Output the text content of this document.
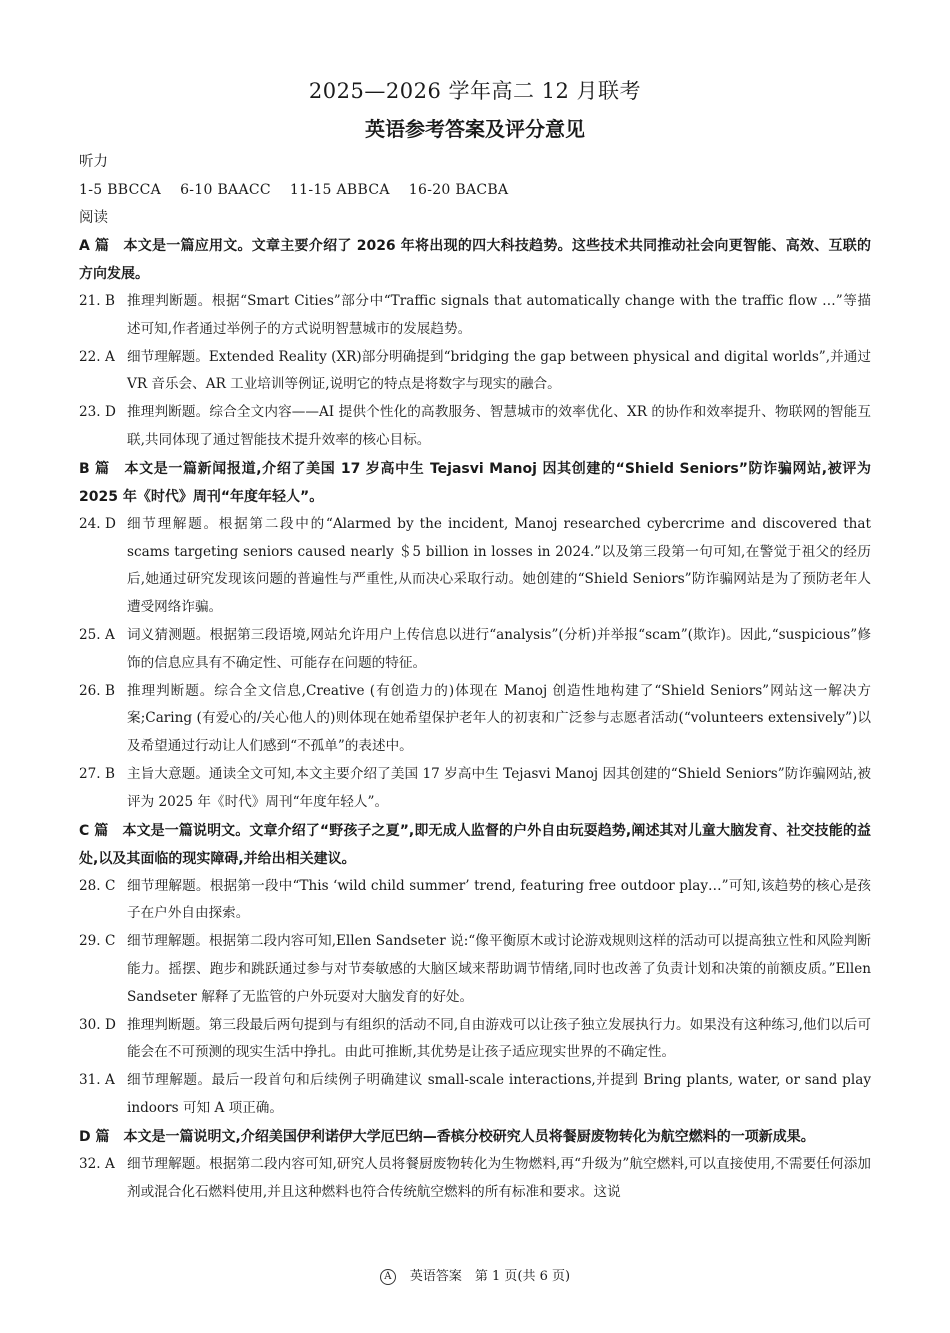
2025—2026 学年高二 12 月联考
英语参考答案及评分意见
听力
1-5 BBCCA    6-10 BAACC    11-15 ABBCA    16-20 BACBA
阅读
A 篇　本文是一篇应用文。文章主要介绍了 2026 年将出现的四大科技趋势。这些技术共同推动社会向更智能、高效、互联的方向发展。
21. B 推理判断题。根据“Smart Cities”部分中“Traffic signals that automatically change with the traffic flow …”等描述可知,作者通过举例子的方式说明智慧城市的发展趋势。
22. A 细节理解题。Extended Reality (XR)部分明确提到“bridging the gap between physical and digital worlds”,并通过 VR 音乐会、AR 工业培训等例证,说明它的特点是将数字与现实的融合。
23. D 推理判断题。综合全文内容——AI 提供个性化的高教服务、智慧城市的效率优化、XR 的协作和效率提升、物联网的智能互联,共同体现了通过智能技术提升效率的核心目标。
B 篇　本文是一篇新闻报道,介绍了美国 17 岁高中生 Tejasvi Manoj 因其创建的“Shield Seniors”防诈骗网站,被评为 2025 年《时代》周刊“年度年轻人”。
24. D 细节理解题。根据第二段中的“Alarmed by the incident, Manoj researched cybercrime and discovered that scams targeting seniors caused nearly ＄5 billion in losses in 2024.”以及第三段第一句可知,在警觉于祖父的经历后,她通过研究发现该问题的普遍性与严重性,从而决心采取行动。她创建的“Shield Seniors”防诈骗网站是为了预防老年人遭受网络诈骗。
25. A 词义猜测题。根据第三段语境,网站允许用户上传信息以进行“analysis”(分析)并举报“scam”(欺诈)。因此,“suspicious”修饰的信息应具有不确定性、可能存在问题的特征。
26. B 推理判断题。综合全文信息,Creative (有创造力的)体现在 Manoj 创造性地构建了“Shield Seniors”网站这一解决方案;Caring (有爱心的/关心他人的)则体现在她希望保护老年人的初衷和广泛参与志愿者活动(“volunteers extensively”)以及希望通过行动让人们感到“不孤单”的表述中。
27. B 主旨大意题。通读全文可知,本文主要介绍了美国 17 岁高中生 Tejasvi Manoj 因其创建的“Shield Seniors”防诈骗网站,被评为 2025 年《时代》周刊“年度年轻人”。
C 篇　本文是一篇说明文。文章介绍了“野孩子之夏”,即无成人监督的户外自由玩耍趋势,阐述其对儿童大脑发育、社交技能的益处,以及其面临的现实障碍,并给出相关建议。
28. C 细节理解题。根据第一段中“This ‘wild child summer’ trend, featuring free outdoor play…”可知,该趋势的核心是孩子在户外自由探索。
29. C 细节理解题。根据第二段内容可知,Ellen Sandseter 说:“像平衡原木或讨论游戏规则这样的活动可以提高独立性和风险判断能力。摇摆、跑步和跳跃通过参与对节奏敏感的大脑区域来帮助调节情绪,同时也改善了负责计划和决策的前额皮质。”Ellen Sandseter 解释了无监管的户外玩耍对大脑发育的好处。
30. D 推理判断题。第三段最后两句提到与有组织的活动不同,自由游戏可以让孩子独立发展执行力。如果没有这种练习,他们以后可能会在不可预测的现实生活中挣扎。由此可推断,其优势是让孩子适应现实世界的不确定性。
31. A 细节理解题。最后一段首句和后续例子明确建议 small-scale interactions,并提到 Bring plants, water, or sand play indoors 可知 A 项正确。
D 篇　本文是一篇说明文,介绍美国伊利诺伊大学厄巴纳—香槟分校研究人员将餐厨废物转化为航空燃料的一项新成果。
32. A 细节理解题。根据第二段内容可知,研究人员将餐厨废物转化为生物燃料,再“升级为”航空燃料,可以直接使用,不需要任何添加剂或混合化石燃料使用,并且这种燃料也符合传统航空燃料的所有标准和要求。这说
A 英语答案　第 1 页(共 6 页)
